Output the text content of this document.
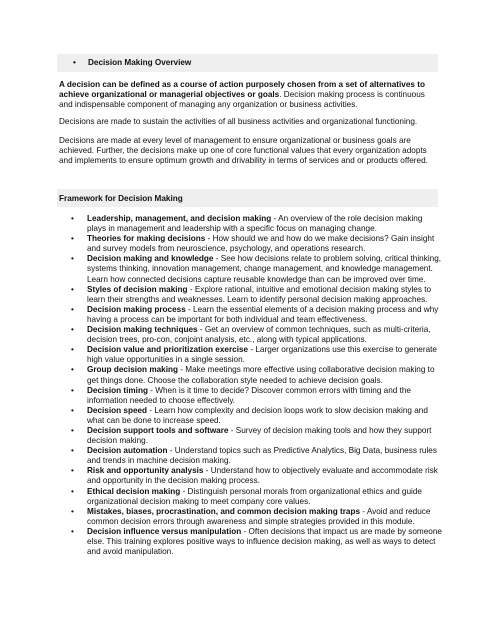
• Decision Making Overview
A decision can be defined as a course of action purposely chosen from a set of alternatives to achieve organizational or managerial objectives or goals. Decision making process is continuous and indispensable component of managing any organization or business activities.
Decisions are made to sustain the activities of all business activities and organizational functioning.
Decisions are made at every level of management to ensure organizational or business goals are achieved. Further, the decisions make up one of core functional values that every organization adopts and implements to ensure optimum growth and drivability in terms of services and or products offered.
Framework for Decision Making
• Leadership, management, and decision making - An overview of the role decision making plays in management and leadership with a specific focus on managing change.
• Theories for making decisions - How should we and how do we make decisions? Gain insight and survey models from neuroscience, psychology, and operations research.
• Decision making and knowledge - See how decisions relate to problem solving, critical thinking, systems thinking, innovation management, change management, and knowledge management. Learn how connected decisions capture reusable knowledge than can be improved over time.
• Styles of decision making - Explore rational, intuitive and emotional decision making styles to learn their strengths and weaknesses. Learn to identify personal decision making approaches.
• Decision making process - Learn the essential elements of a decision making process and why having a process can be important for both individual and team effectiveness.
• Decision making techniques - Get an overview of common techniques, such as multi-criteria, decision trees, pro-con, conjoint analysis, etc., along with typical applications.
• Decision value and prioritization exercise - Larger organizations use this exercise to generate high value opportunities in a single session.
• Group decision making - Make meetings more effective using collaborative decision making to get things done. Choose the collaboration style needed to achieve decision goals.
• Decision timing - When is it time to decide? Discover common errors with timing and the information needed to choose effectively.
• Decision speed - Learn how complexity and decision loops work to slow decision making and what can be done to increase speed.
• Decision support tools and software - Survey of decision making tools and how they support decision making.
• Decision automation - Understand topics such as Predictive Analytics, Big Data, business rules and trends in machine decision making.
• Risk and opportunity analysis - Understand how to objectively evaluate and accommodate risk and opportunity in the decision making process.
• Ethical decision making - Distinguish personal morals from organizational ethics and guide organizational decision making to meet company core values.
• Mistakes, biases, procrastination, and common decision making traps - Avoid and reduce common decision errors through awareness and simple strategies provided in this module.
• Decision influence versus manipulation - Often decisions that impact us are made by someone else. This training explores positive ways to influence decision making, as well as ways to detect and avoid manipulation.
